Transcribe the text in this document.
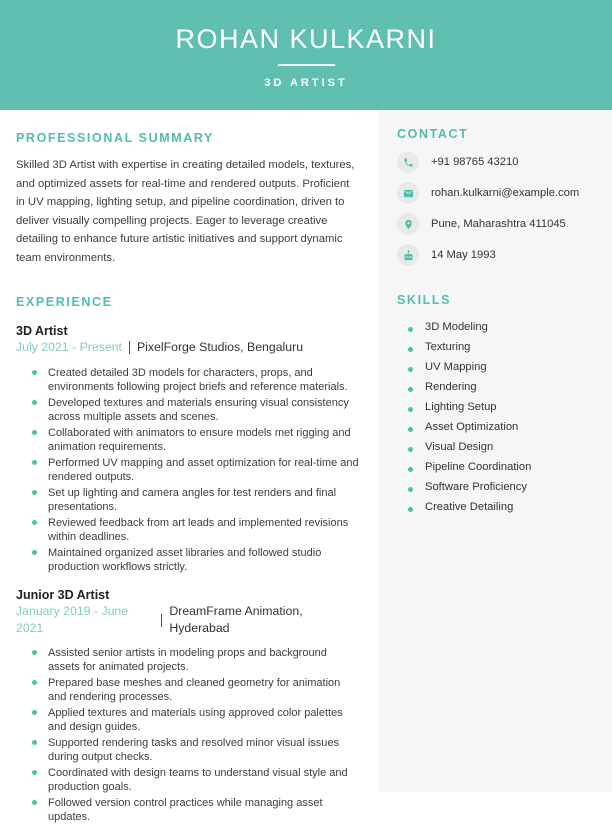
ROHAN KULKARNI
3D ARTIST
PROFESSIONAL SUMMARY

Skilled 3D Artist with expertise in creating detailed models, textures, and optimized assets for real-time and rendered outputs. Proficient in UV mapping, lighting setup, and pipeline coordination, driven to deliver visually compelling projects. Eager to leverage creative detailing to enhance future artistic initiatives and support dynamic team environments.

EXPERIENCE
3D Artist
July 2021 - Present PixelForge Studios, Bengaluru
Created detailed 3D models for characters, props, and environments following project briefs and reference materials.
Developed textures and materials ensuring visual consistency across multiple assets and scenes.
Collaborated with animators to ensure models met rigging and animation requirements.
Performed UV mapping and asset optimization for real-time and rendered outputs.
Set up lighting and camera angles for test renders and final presentations.
Reviewed feedback from art leads and implemented revisions within deadlines.
Maintained organized asset libraries and followed studio production workflows strictly.
Junior 3D Artist
January 2019 - June 2021
DreamFrame Animation, Hyderabad
Assisted senior artists in modeling props and background assets for animated projects.
Prepared base meshes and cleaned geometry for animation and rendering processes.
Applied textures and materials using approved color palettes and design guides.
Supported rendering tasks and resolved minor visual issues during output checks.
Coordinated with design teams to understand visual style and production goals.
Followed version control practices while managing asset updates.
CONTACT
+91 98765 43210
rohan.kulkarni@example.com
Pune, Maharashtra 411045
14 May 1993
SKILLS
3D Modeling
Texturing
UV Mapping
Rendering
Lighting Setup
Asset Optimization
Visual Design
Pipeline Coordination
Software Proficiency
Creative Detailing
